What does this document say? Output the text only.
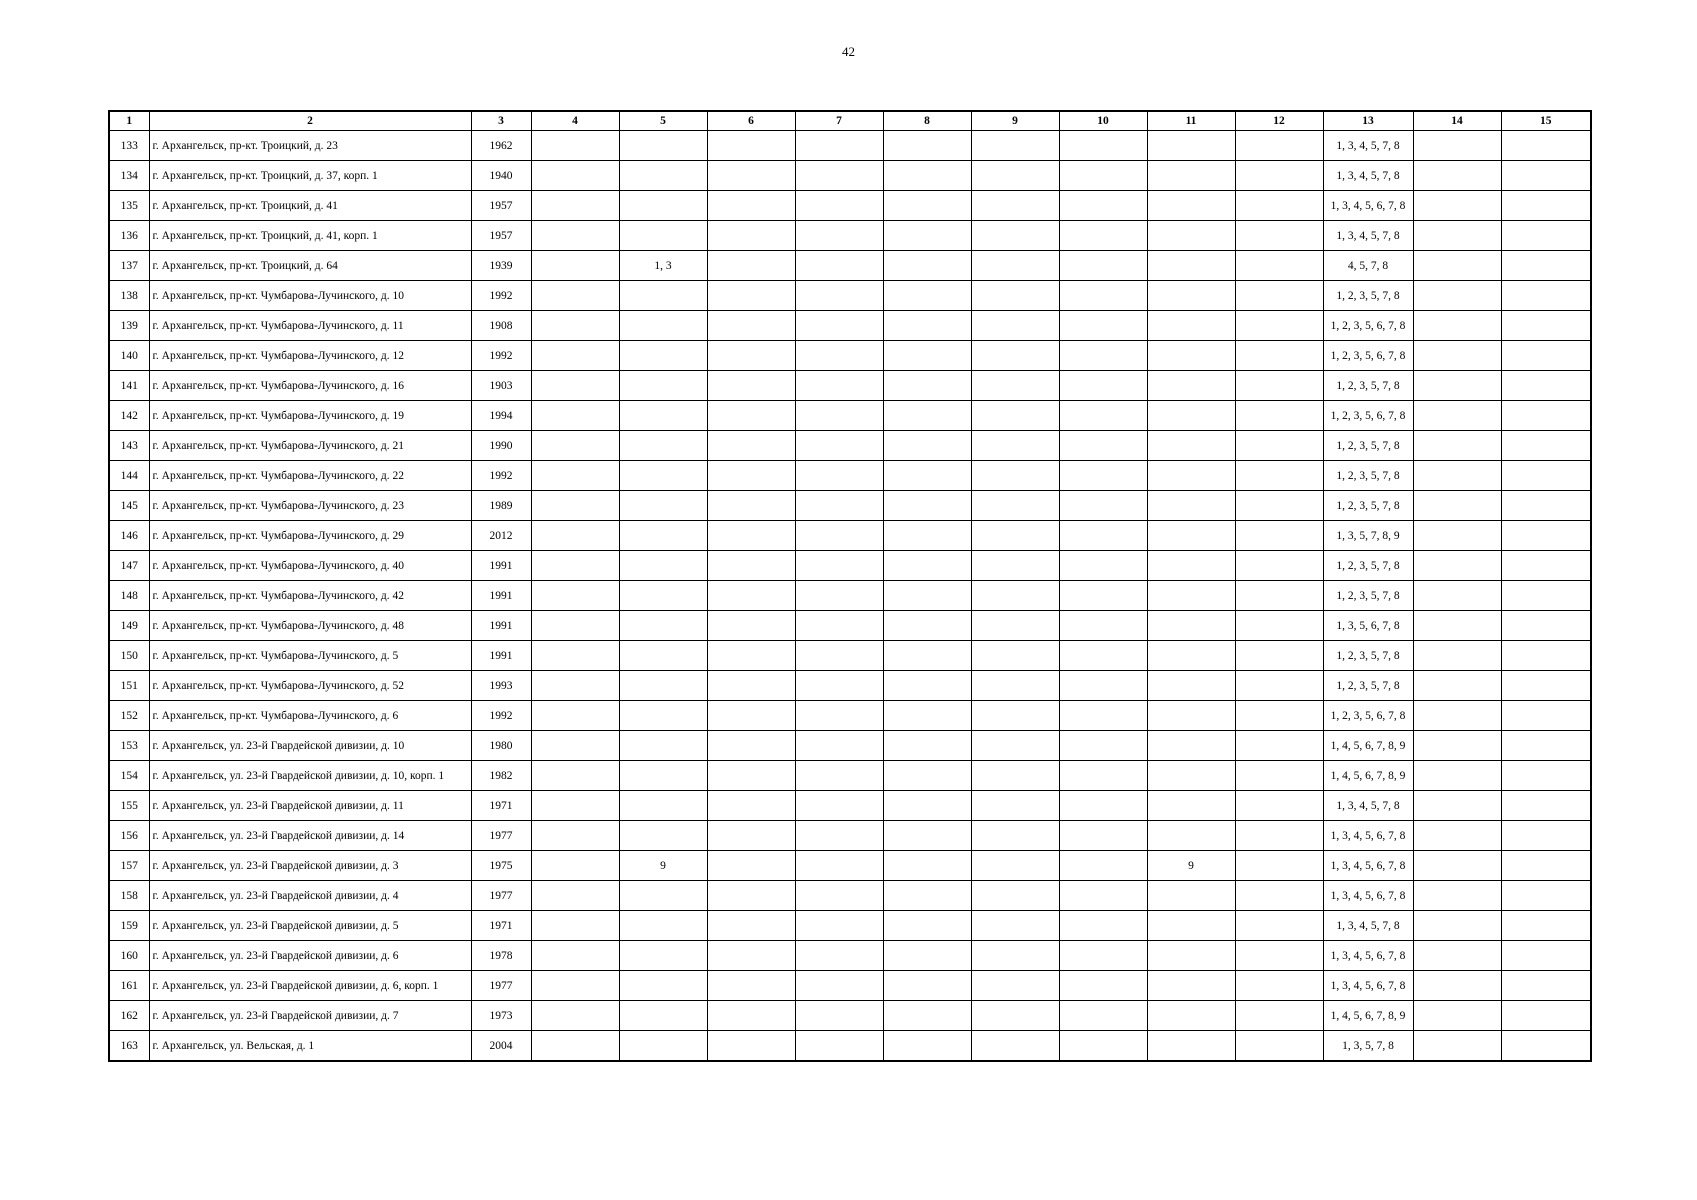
42
1	2	3	4	5	6	7	8	9	10	11	12	13	14	15
133	г. Архангельск, пр-кт. Троицкий, д. 23	1962										1, 3, 4, 5, 7, 8		
134	г. Архангельск, пр-кт. Троицкий, д. 37, корп. 1	1940										1, 3, 4, 5, 7, 8		
135	г. Архангельск, пр-кт. Троицкий, д. 41	1957										1, 3, 4, 5, 6, 7, 8		
136	г. Архангельск, пр-кт. Троицкий, д. 41, корп. 1	1957										1, 3, 4, 5, 7, 8		
137	г. Архангельск, пр-кт. Троицкий, д. 64	1939		1, 3								4, 5, 7, 8		
138	г. Архангельск, пр-кт. Чумбарова-Лучинского, д. 10	1992										1, 2, 3, 5, 7, 8		
139	г. Архангельск, пр-кт. Чумбарова-Лучинского, д. 11	1908										1, 2, 3, 5, 6, 7, 8		
140	г. Архангельск, пр-кт. Чумбарова-Лучинского, д. 12	1992										1, 2, 3, 5, 6, 7, 8		
141	г. Архангельск, пр-кт. Чумбарова-Лучинского, д. 16	1903										1, 2, 3, 5, 7, 8		
142	г. Архангельск, пр-кт. Чумбарова-Лучинского, д. 19	1994										1, 2, 3, 5, 6, 7, 8		
143	г. Архангельск, пр-кт. Чумбарова-Лучинского, д. 21	1990										1, 2, 3, 5, 7, 8		
144	г. Архангельск, пр-кт. Чумбарова-Лучинского, д. 22	1992										1, 2, 3, 5, 7, 8		
145	г. Архангельск, пр-кт. Чумбарова-Лучинского, д. 23	1989										1, 2, 3, 5, 7, 8		
146	г. Архангельск, пр-кт. Чумбарова-Лучинского, д. 29	2012										1, 3, 5, 7, 8, 9		
147	г. Архангельск, пр-кт. Чумбарова-Лучинского, д. 40	1991										1, 2, 3, 5, 7, 8		
148	г. Архангельск, пр-кт. Чумбарова-Лучинского, д. 42	1991										1, 2, 3, 5, 7, 8		
149	г. Архангельск, пр-кт. Чумбарова-Лучинского, д. 48	1991										1, 3, 5, 6, 7, 8		
150	г. Архангельск, пр-кт. Чумбарова-Лучинского, д. 5	1991										1, 2, 3, 5, 7, 8		
151	г. Архангельск, пр-кт. Чумбарова-Лучинского, д. 52	1993										1, 2, 3, 5, 7, 8		
152	г. Архангельск, пр-кт. Чумбарова-Лучинского, д. 6	1992										1, 2, 3, 5, 6, 7, 8		
153	г. Архангельск, ул. 23-й Гвардейской дивизии, д. 10	1980										1, 4, 5, 6, 7, 8, 9		
154	г. Архангельск, ул. 23-й Гвардейской дивизии, д. 10, корп. 1	1982										1, 4, 5, 6, 7, 8, 9		
155	г. Архангельск, ул. 23-й Гвардейской дивизии, д. 11	1971										1, 3, 4, 5, 7, 8		
156	г. Архангельск, ул. 23-й Гвардейской дивизии, д. 14	1977										1, 3, 4, 5, 6, 7, 8		
157	г. Архангельск, ул. 23-й Гвардейской дивизии, д. 3	1975		9						9		1, 3, 4, 5, 6, 7, 8		
158	г. Архангельск, ул. 23-й Гвардейской дивизии, д. 4	1977										1, 3, 4, 5, 6, 7, 8		
159	г. Архангельск, ул. 23-й Гвардейской дивизии, д. 5	1971										1, 3, 4, 5, 7, 8		
160	г. Архангельск, ул. 23-й Гвардейской дивизии, д. 6	1978										1, 3, 4, 5, 6, 7, 8		
161	г. Архангельск, ул. 23-й Гвардейской дивизии, д. 6, корп. 1	1977										1, 3, 4, 5, 6, 7, 8		
162	г. Архангельск, ул. 23-й Гвардейской дивизии, д. 7	1973										1, 4, 5, 6, 7, 8, 9		
163	г. Архангельск, ул. Вельская, д. 1	2004										1, 3, 5, 7, 8		
